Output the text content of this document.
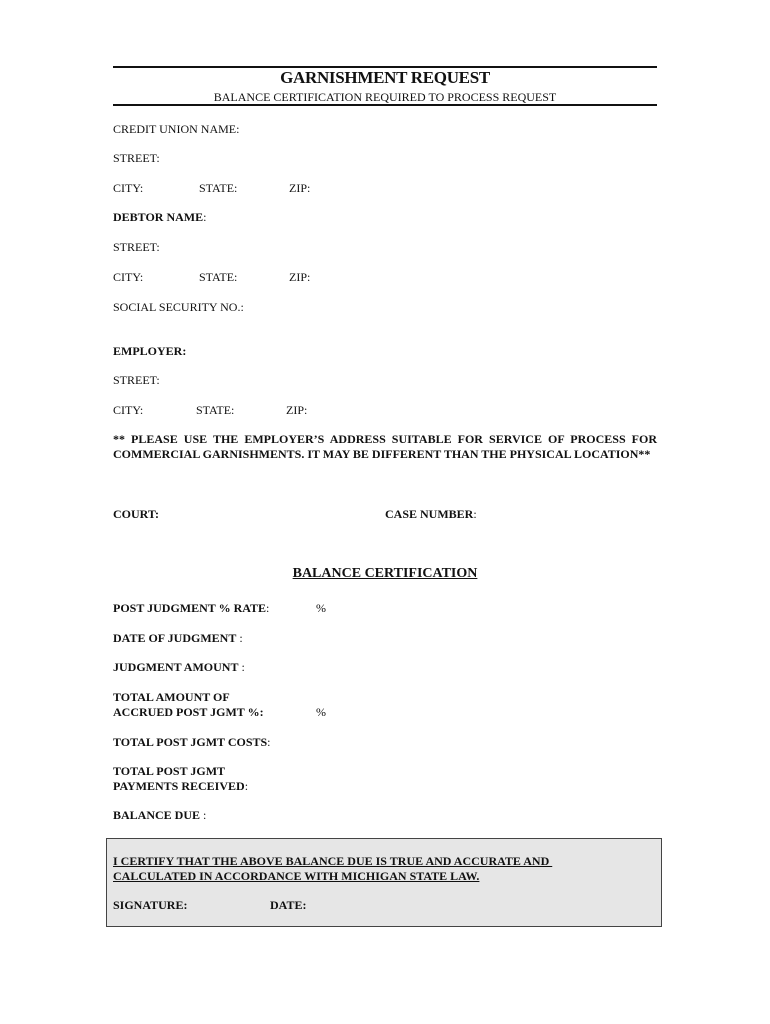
GARNISHMENT REQUEST
BALANCE CERTIFICATION REQUIRED TO PROCESS REQUEST
CREDIT UNION NAME:
STREET:
CITY:	STATE:	ZIP:
DEBTOR NAME:
STREET:
CITY:	STATE:	ZIP:
SOCIAL SECURITY NO.:
EMPLOYER:
STREET:
CITY:	STATE:	ZIP:
** PLEASE USE THE EMPLOYER’S ADDRESS SUITABLE FOR SERVICE OF PROCESS FOR COMMERCIAL GARNISHMENTS. IT MAY BE DIFFERENT THAN THE PHYSICAL LOCATION**
COURT:	CASE NUMBER:
BALANCE CERTIFICATION
POST JUDGMENT % RATE:	%
DATE OF JUDGMENT :
JUDGMENT AMOUNT :
TOTAL AMOUNT OF
ACCRUED POST JGMT %:	%
TOTAL POST JGMT COSTS:
TOTAL POST JGMT
PAYMENTS RECEIVED:
BALANCE DUE :
I CERTIFY THAT THE ABOVE BALANCE DUE IS TRUE AND ACCURATE AND
CALCULATED IN ACCORDANCE WITH MICHIGAN STATE LAW.
SIGNATURE:	DATE:
